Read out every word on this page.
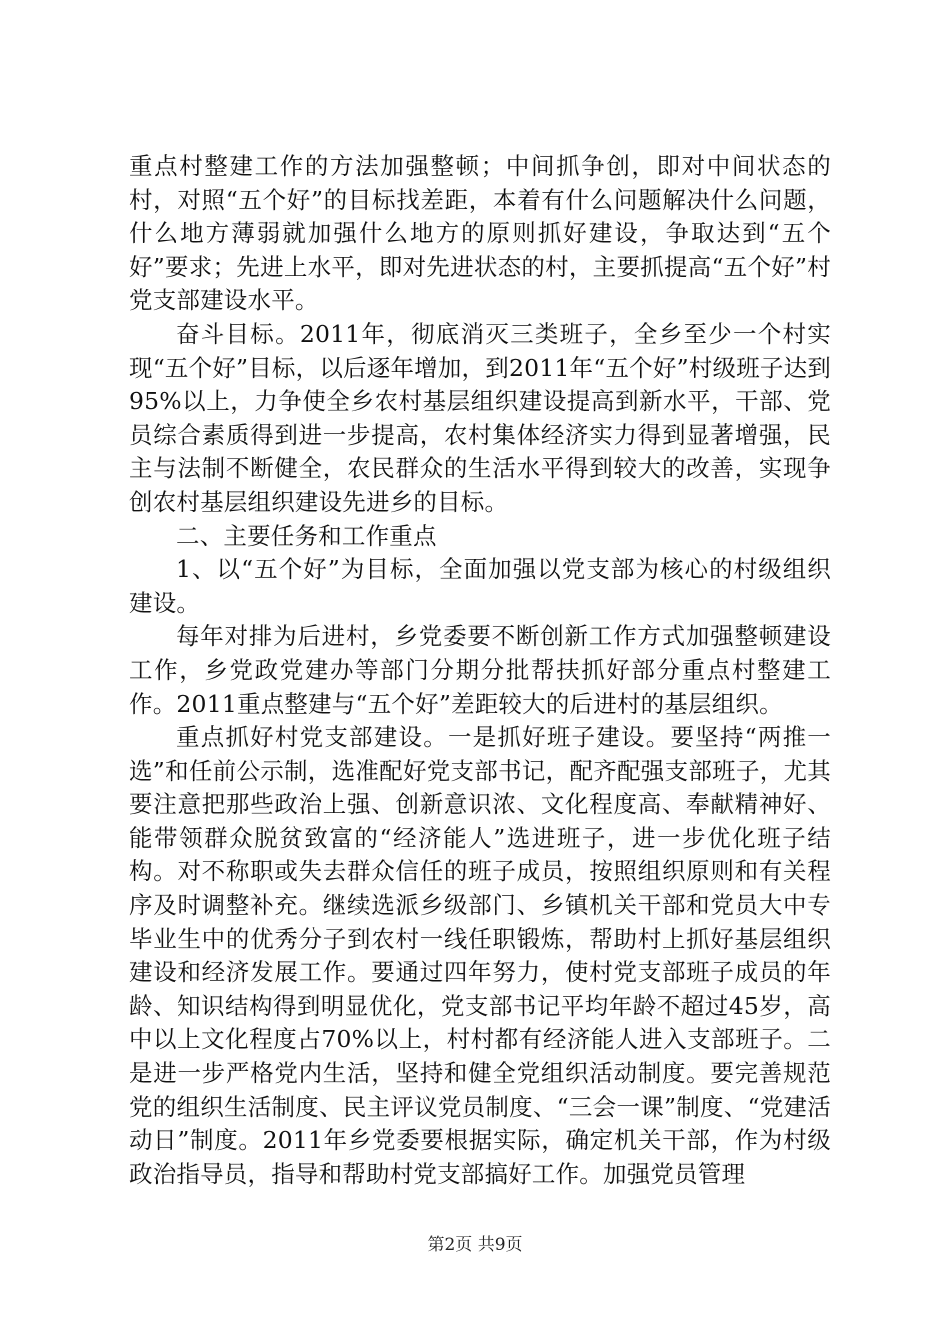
重点村整建工作的方法加强整顿；中间抓争创，即对中间状态的村，对照“五个好”的目标找差距，本着有什么问题解决什么问题，什么地方薄弱就加强什么地方的原则抓好建设，争取达到“五个好”要求；先进上水平，即对先进状态的村，主要抓提高“五个好”村党支部建设水平。

奋斗目标。2011年，彻底消灭三类班子，全乡至少一个村实现“五个好”目标，以后逐年增加，到2011年“五个好”村级班子达到95%以上，力争使全乡农村基层组织建设提高到新水平，干部、党员综合素质得到进一步提高，农村集体经济实力得到显著增强，民主与法制不断健全，农民群众的生活水平得到较大的改善，实现争创农村基层组织建设先进乡的目标。

二、主要任务和工作重点

1、以“五个好”为目标，全面加强以党支部为核心的村级组织建设。

每年对排为后进村，乡党委要不断创新工作方式加强整顿建设工作，乡党政党建办等部门分期分批帮扶抓好部分重点村整建工作。2011重点整建与“五个好”差距较大的后进村的基层组织。

重点抓好村党支部建设。一是抓好班子建设。要坚持“两推一选”和任前公示制，选准配好党支部书记，配齐配强支部班子，尤其要注意把那些政治上强、创新意识浓、文化程度高、奉献精神好、能带领群众脱贫致富的“经济能人”选进班子，进一步优化班子结构。对不称职或失去群众信任的班子成员，按照组织原则和有关程序及时调整补充。继续选派乡级部门、乡镇机关干部和党员大中专毕业生中的优秀分子到农村一线任职锻炼，帮助村上抓好基层组织建设和经济发展工作。要通过四年努力，使村党支部班子成员的年龄、知识结构得到明显优化，党支部书记平均年龄不超过45岁，高中以上文化程度占70%以上，村村都有经济能人进入支部班子。二是进一步严格党内生活，坚持和健全党组织活动制度。要完善规范党的组织生活制度、民主评议党员制度、“三会一课”制度、“党建活动日”制度。2011年乡党委要根据实际，确定机关干部，作为村级政治指导员，指导和帮助村党支部搞好工作。加强党员管理

第2页 共9页
